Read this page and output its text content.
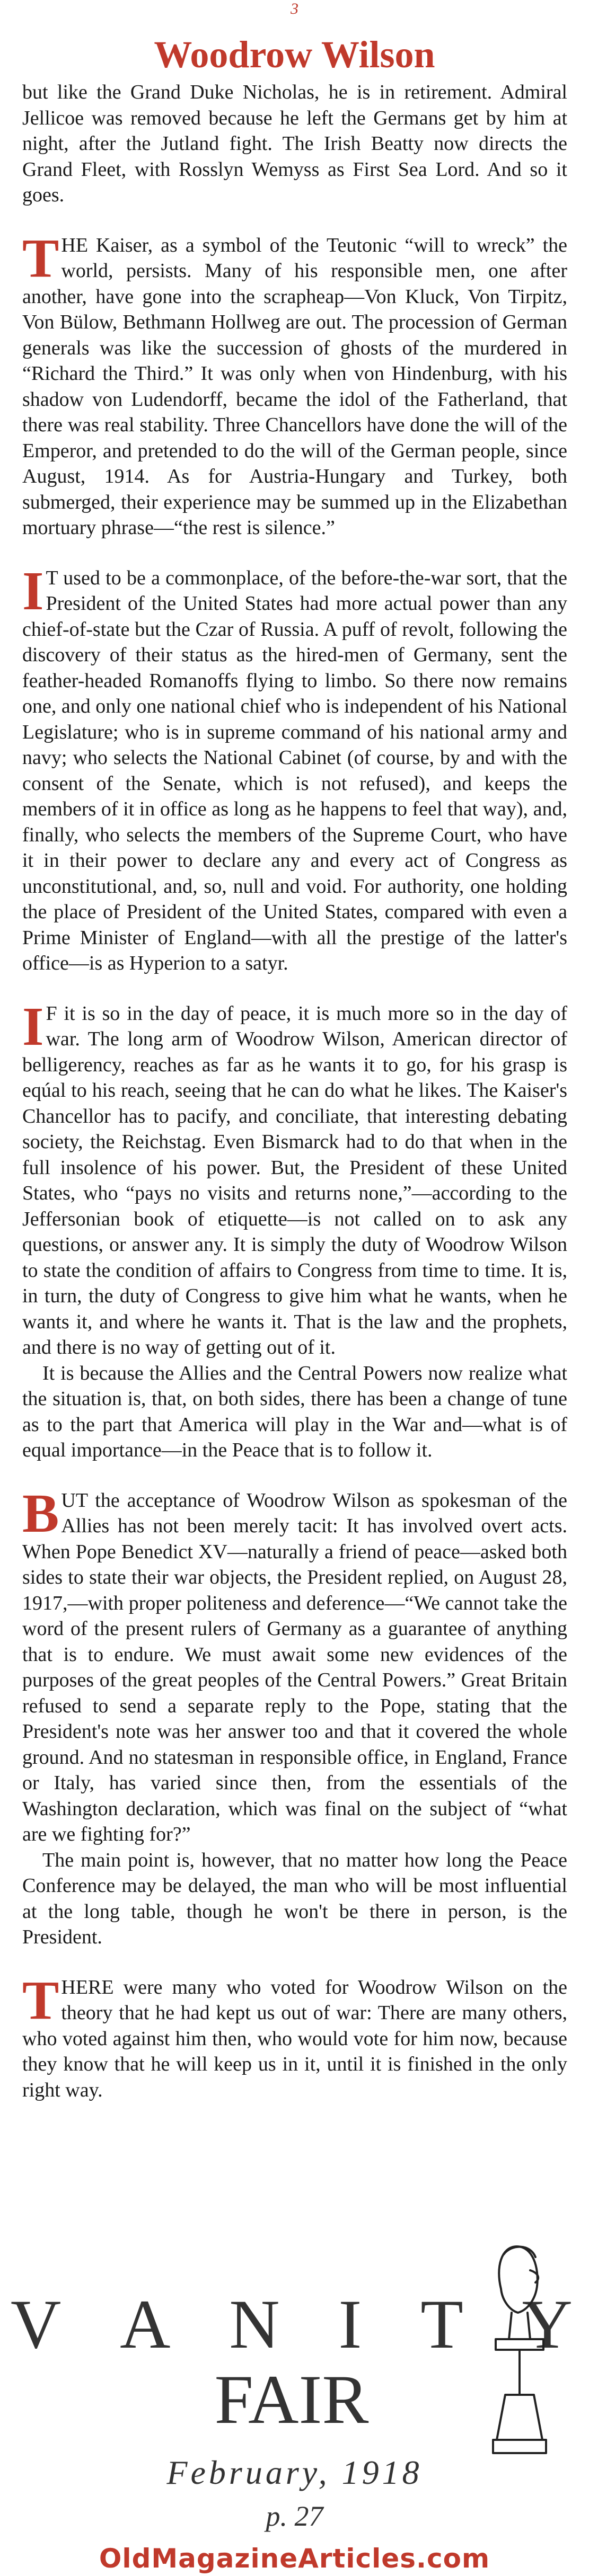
3
Woodrow Wilson

but like the Grand Duke Nicholas, he is in retirement. Admiral Jellicoe was removed because he left the Germans get by him at night, after the Jutland fight. The Irish Beatty now directs the Grand Fleet, with Rosslyn Wemyss as First Sea Lord. And so it goes.

THE Kaiser, as a symbol of the Teutonic “will to wreck” the world, persists. Many of his responsible men, one after another, have gone into the scrapheap—Von Kluck, Von Tirpitz, Von Bülow, Bethmann Hollweg are out. The procession of German generals was like the succession of ghosts of the murdered in “Richard the Third.” It was only when von Hindenburg, with his shadow von Ludendorff, became the idol of the Fatherland, that there was real stability. Three Chancellors have done the will of the Emperor, and pretended to do the will of the German people, since August, 1914. As for Austria-Hungary and Turkey, both submerged, their experience may be summed up in the Elizabethan mortuary phrase—“the rest is silence.”

I T used to be a commonplace, of the before-the-war sort, that the President of the United States had more actual power than any chief-of-state but the Czar of Russia. A puff of revolt, following the discovery of their status as the hired-men of Germany, sent the feather-headed Romanoffs flying to limbo. So there now remains one, and only one national chief who is independent of his National Legislature; who is in supreme command of his national army and navy; who selects the National Cabinet (of course, by and with the consent of the Senate, which is not refused), and keeps the members of it in office as long as he happens to feel that way), and, finally, who selects the members of the Supreme Court, who have it in their power to declare any and every act of Congress as unconstitutional, and, so, null and void. For authority, one holding the place of President of the United States, compared with even a Prime Minister of England—with all the prestige of the latter's office—is as Hyperion to a satyr.

I F it is so in the day of peace, it is much more so in the day of war. The long arm of Woodrow Wilson, American director of belligerency, reaches as far as he wants it to go, for his grasp is eqúal to his reach, seeing that he can do what he likes. The Kaiser's Chancellor has to pacify, and conciliate, that interesting debating society, the Reichstag. Even Bismarck had to do that when in the full insolence of his power. But, the President of these United States, who “pays no visits and returns none,”—according to the Jeffersonian book of etiquette—is not called on to ask any questions, or answer any. It is simply the duty of Woodrow Wilson to state the condition of affairs to Congress from time to time. It is, in turn, the duty of Congress to give him what he wants, when he wants it, and where he wants it. That is the law and the prophets, and there is no way of getting out of it.

It is because the Allies and the Central Powers now realize what the situation is, that, on both sides, there has been a change of tune as to the part that America will play in the War and—what is of equal importance—in the Peace that is to follow it.

BUT the acceptance of Woodrow Wilson as spokesman of the Allies has not been merely tacit: It has involved overt acts. When Pope Benedict XV—naturally a friend of peace—asked both sides to state their war objects, the President replied, on August 28, 1917,—with proper politeness and deference—“We cannot take the word of the present rulers of Germany as a guarantee of anything that is to endure. We must await some new evidences of the purposes of the great peoples of the Central Powers.” Great Britain refused to send a separate reply to the Pope, stating that the President's note was her answer too and that it covered the whole ground. And no statesman in responsible office, in England, France or Italy, has varied since then, from the essentials of the Washington declaration, which was final on the subject of “what are we fighting for?”

The main point is, however, that no matter how long the Peace Conference may be delayed, the man who will be most influential at the long table, though he won't be there in person, is the President.

THERE were many who voted for Woodrow Wilson on the theory that he had kept us out of war: There are many others, who voted against him then, who would vote for him now, because they know that he will keep us in it, until it is finished in the only right way.

V A N I T Y
FAIR
February, 1918
p. 27
OldMagazineArticles.com
